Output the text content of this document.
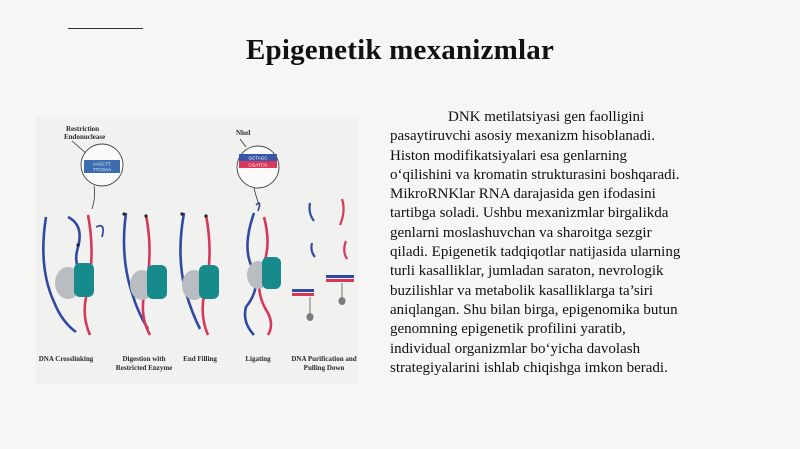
Epigenetik mexanizmlar
Restriction
Endonuclease
AAGCTT
TTCGAA
NheI
GCTAGC
CGATCG
DNA Crosslinking	Digestion with
Restricted Enzyme
End Filling	Ligating	DNA Purification and
Pulling Down
DNK metilatsiyasi gen faolligini
pasaytiruvchi asosiy mexanizm hisoblanadi.
Histon modifikatsiyalari esa genlarning
o‘qilishini va kromatin strukturasini boshqaradi.
MikroRNKlar RNA darajasida gen ifodasini
tartibga soladi. Ushbu mexanizmlar birgalikda
genlarni moslashuvchan va sharoitga sezgir
qiladi. Epigenetik tadqiqotlar natijasida ularning
turli kasalliklar, jumladan saraton, nevrologik
buzilishlar va metabolik kasalliklarga ta’siri
aniqlangan. Shu bilan birga, epigenomika butun
genomning epigenetik profilini yaratib,
individual organizmlar bo‘yicha davolash
strategiyalarini ishlab chiqishga imkon beradi.
